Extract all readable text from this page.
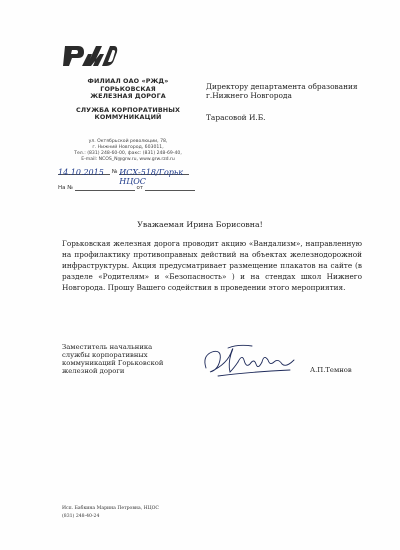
ФИЛИАЛ ОАО «РЖД»
ГОРЬКОВСКАЯ
ЖЕЛЕЗНАЯ ДОРОГА
СЛУЖБА КОРПОРАТИВНЫХ
КОММУНИКАЦИЙ
ул. Октябрьской революции, 78,
г. Нижний Новгород, 603011,
Тел.: (831) 248-60-00, факс: (831) 248-69-40,
E-mail: NCOS_N@grw.ru, www.grw.rzd.ru
14.10.2015 № ИСХ-518/Горьк НЦОС
На №	от
Директору департамента образования
г.Нижнего Новгорода
Тарасовой И.Б.
Уважаемая Ирина Борисовна!
Горьковская железная дорога проводит акцию «Вандализм», направленную на профилактику противоправных действий на объектах железнодорожной инфраструктуры. Акция предусматривает размещение плакатов на сайте (в разделе «Родителям» и «Безопасность» ) и на стендах школ Нижнего Новгорода. Прошу Вашего содействия в проведении этого мероприятия.
Заместитель начальника
службы корпоративных
коммуникаций Горьковской
железной дороги	А.П.Темнов
Исп. Бабкина Марина Петровна, НЦОС
(831) 248-40-24
